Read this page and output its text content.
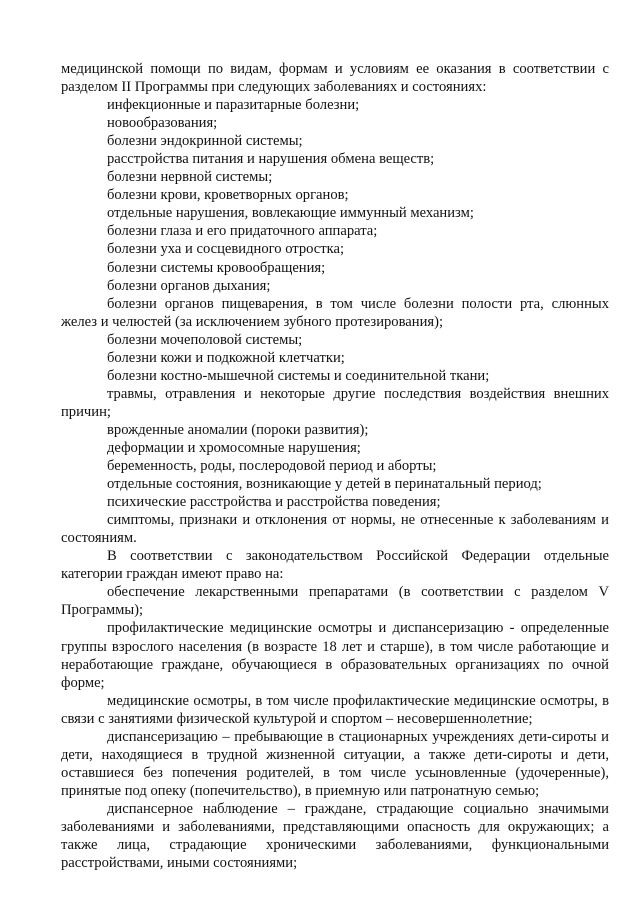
медицинской помощи по видам, формам и условиям ее оказания в соответствии с разделом II Программы при следующих заболеваниях и состояниях:

инфекционные и паразитарные болезни;

новообразования;

болезни эндокринной системы;

расстройства питания и нарушения обмена веществ;

болезни нервной системы;

болезни крови, кроветворных органов;

отдельные нарушения, вовлекающие иммунный механизм;

болезни глаза и его придаточного аппарата;

болезни уха и сосцевидного отростка;

болезни системы кровообращения;

болезни органов дыхания;

болезни органов пищеварения, в том числе болезни полости рта, слюнных желез и челюстей (за исключением зубного протезирования);

болезни мочеполовой системы;

болезни кожи и подкожной клетчатки;

болезни костно-мышечной системы и соединительной ткани;

травмы, отравления и некоторые другие последствия воздействия внешних причин;

врожденные аномалии (пороки развития);

деформации и хромосомные нарушения;

беременность, роды, послеродовой период и аборты;

отдельные состояния, возникающие у детей в перинатальный период;

психические расстройства и расстройства поведения;

симптомы, признаки и отклонения от нормы, не отнесенные к заболеваниям и состояниям.

В соответствии с законодательством Российской Федерации отдельные категории граждан имеют право на:

обеспечение лекарственными препаратами (в соответствии с разделом V Программы);

профилактические медицинские осмотры и диспансеризацию - определенные группы взрослого населения (в возрасте 18 лет и старше), в том числе работающие и неработающие граждане, обучающиеся в образовательных организациях по очной форме;

медицинские осмотры, в том числе профилактические медицинские осмотры, в связи с занятиями физической культурой и спортом – несовершеннолетние;

диспансеризацию – пребывающие в стационарных учреждениях дети-сироты и дети, находящиеся в трудной жизненной ситуации, а также дети-сироты и дети, оставшиеся без попечения родителей, в том числе усыновленные (удочеренные), принятые под опеку (попечительство), в приемную или патронатную семью;

диспансерное наблюдение – граждане, страдающие социально значимыми заболеваниями и заболеваниями, представляющими опасность для окружающих; а также лица, страдающие хроническими заболеваниями, функциональными расстройствами, иными состояниями;
